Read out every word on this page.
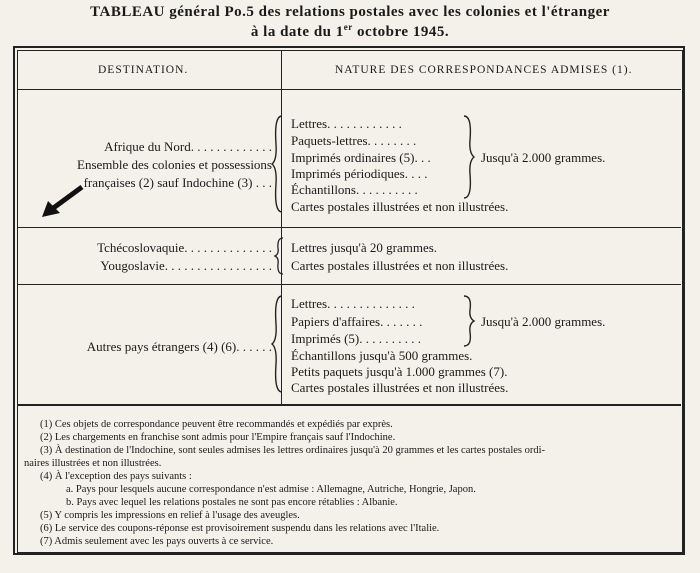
TABLEAU général Po.5 des relations postales avec les colonies et l'étranger
à la date du 1er octobre 1945.
DESTINATION.	NATURE DES CORRESPONDANCES ADMISES (1).
Afrique du Nord. . . . . . . . . . . . .
Ensemble des colonies et possessions
françaises (2) sauf Indochine (3) . . .
Lettres. . . . . . . . . . . .
Paquets-lettres. . . . . . . .
Imprimés ordinaires (5). . .
Imprimés périodiques. . . .
Échantillons. . . . . . . . . .
Jusqu'à 2.000 grammes.
Cartes postales illustrées et non illustrées.
Tchécoslovaquie. . . . . . . . . . . . . .
Yougoslavie. . . . . . . . . . . . . . . . .
Lettres jusqu'à 20 grammes.
Cartes postales illustrées et non illustrées.
Autres pays étrangers (4) (6). . . . . .
Lettres. . . . . . . . . . . . . .
Papiers d'affaires. . . . . . .
Imprimés (5). . . . . . . . . .
Jusqu'à 2.000 grammes.
Échantillons jusqu'à 500 grammes.
Petits paquets jusqu'à 1.000 grammes (7).
Cartes postales illustrées et non illustrées.
(1) Ces objets de correspondance peuvent être recommandés et expédiés par exprès.
(2) Les chargements en franchise sont admis pour l'Empire français sauf l'Indochine.
(3) À destination de l'Indochine, sont seules admises les lettres ordinaires jusqu'à 20 grammes et les cartes postales ordi-
naires illustrées et non illustrées.
(4) À l'exception des pays suivants :
a. Pays pour lesquels aucune correspondance n'est admise : Allemagne, Autriche, Hongrie, Japon.
b. Pays avec lequel les relations postales ne sont pas encore rétablies : Albanie.
(5) Y compris les impressions en relief à l'usage des aveugles.
(6) Le service des coupons-réponse est provisoirement suspendu dans les relations avec l'Italie.
(7) Admis seulement avec les pays ouverts à ce service.
